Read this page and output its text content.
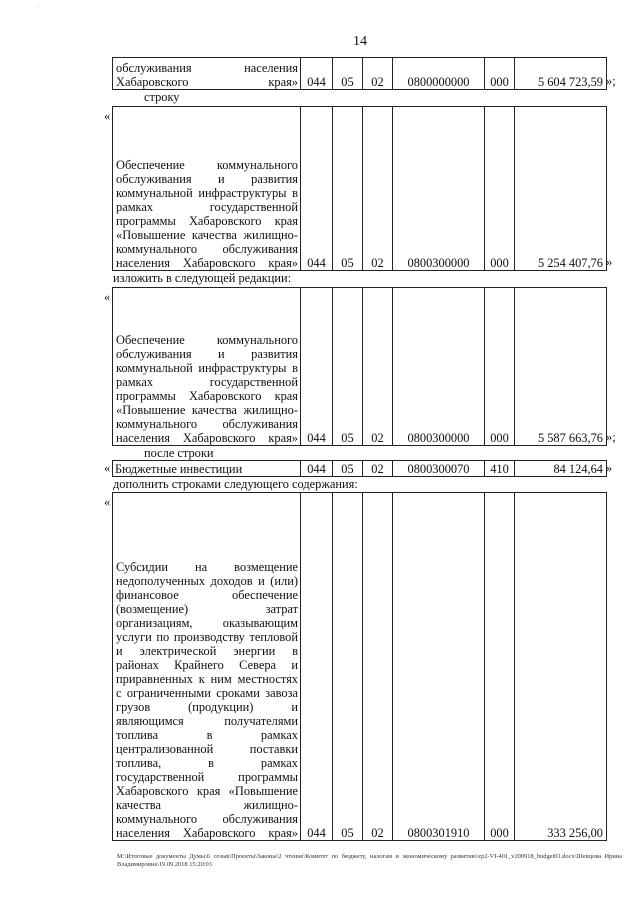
˙
14
обслуживания населения Хабаровского края»	044	05	02	0800000000	000	5 604 723,59 »;
строку
«
Обеспечение коммунального обслуживания и развития коммунальной инфраструктуры в рамках государственной программы Хабаровского края «Повышение качества жилищно-коммунального обслуживания населения Хабаровского края»	044	05	02	0800300000	000	5 254 407,76 »
изложить в следующей редакции:
«
Обеспечение коммунального обслуживания и развития коммунальной инфраструктуры в рамках государственной программы Хабаровского края «Повышение качества жилищно-коммунального обслуживания населения Хабаровского края»	044	05	02	0800300000	000	5 587 663,76 »;
после строки
« Бюджетные инвестиции	044	05	02	0800300070	410	84 124,64 »
дополнить строками следующего содержания:
«
Субсидии на возмещение недополученных доходов и (или) финансовое обеспечение (возмещение) затрат организациям, оказывающим услуги по производству тепловой и электрической энергии в районах Крайнего Севера и приравненных к ним местностях с ограниченными сроками завоза грузов (продукции) и являющимся получателями топлива в рамках централизованной поставки топлива, в рамках государственной программы Хабаровского края «Повышение качества жилищно-коммунального обслуживания населения Хабаровского края»	044	05	02	0800301910	000	333 256,00
М:\Итоговые документы Думы\6 созыв\Проекты\Законы\2 чтение\Комитет по бюджету, налогам и экономическому развитию\zp2-VI-401_v200918_budget01.docx\Шевцова Ирина Владимировна\19.09.2018 15:20:03
